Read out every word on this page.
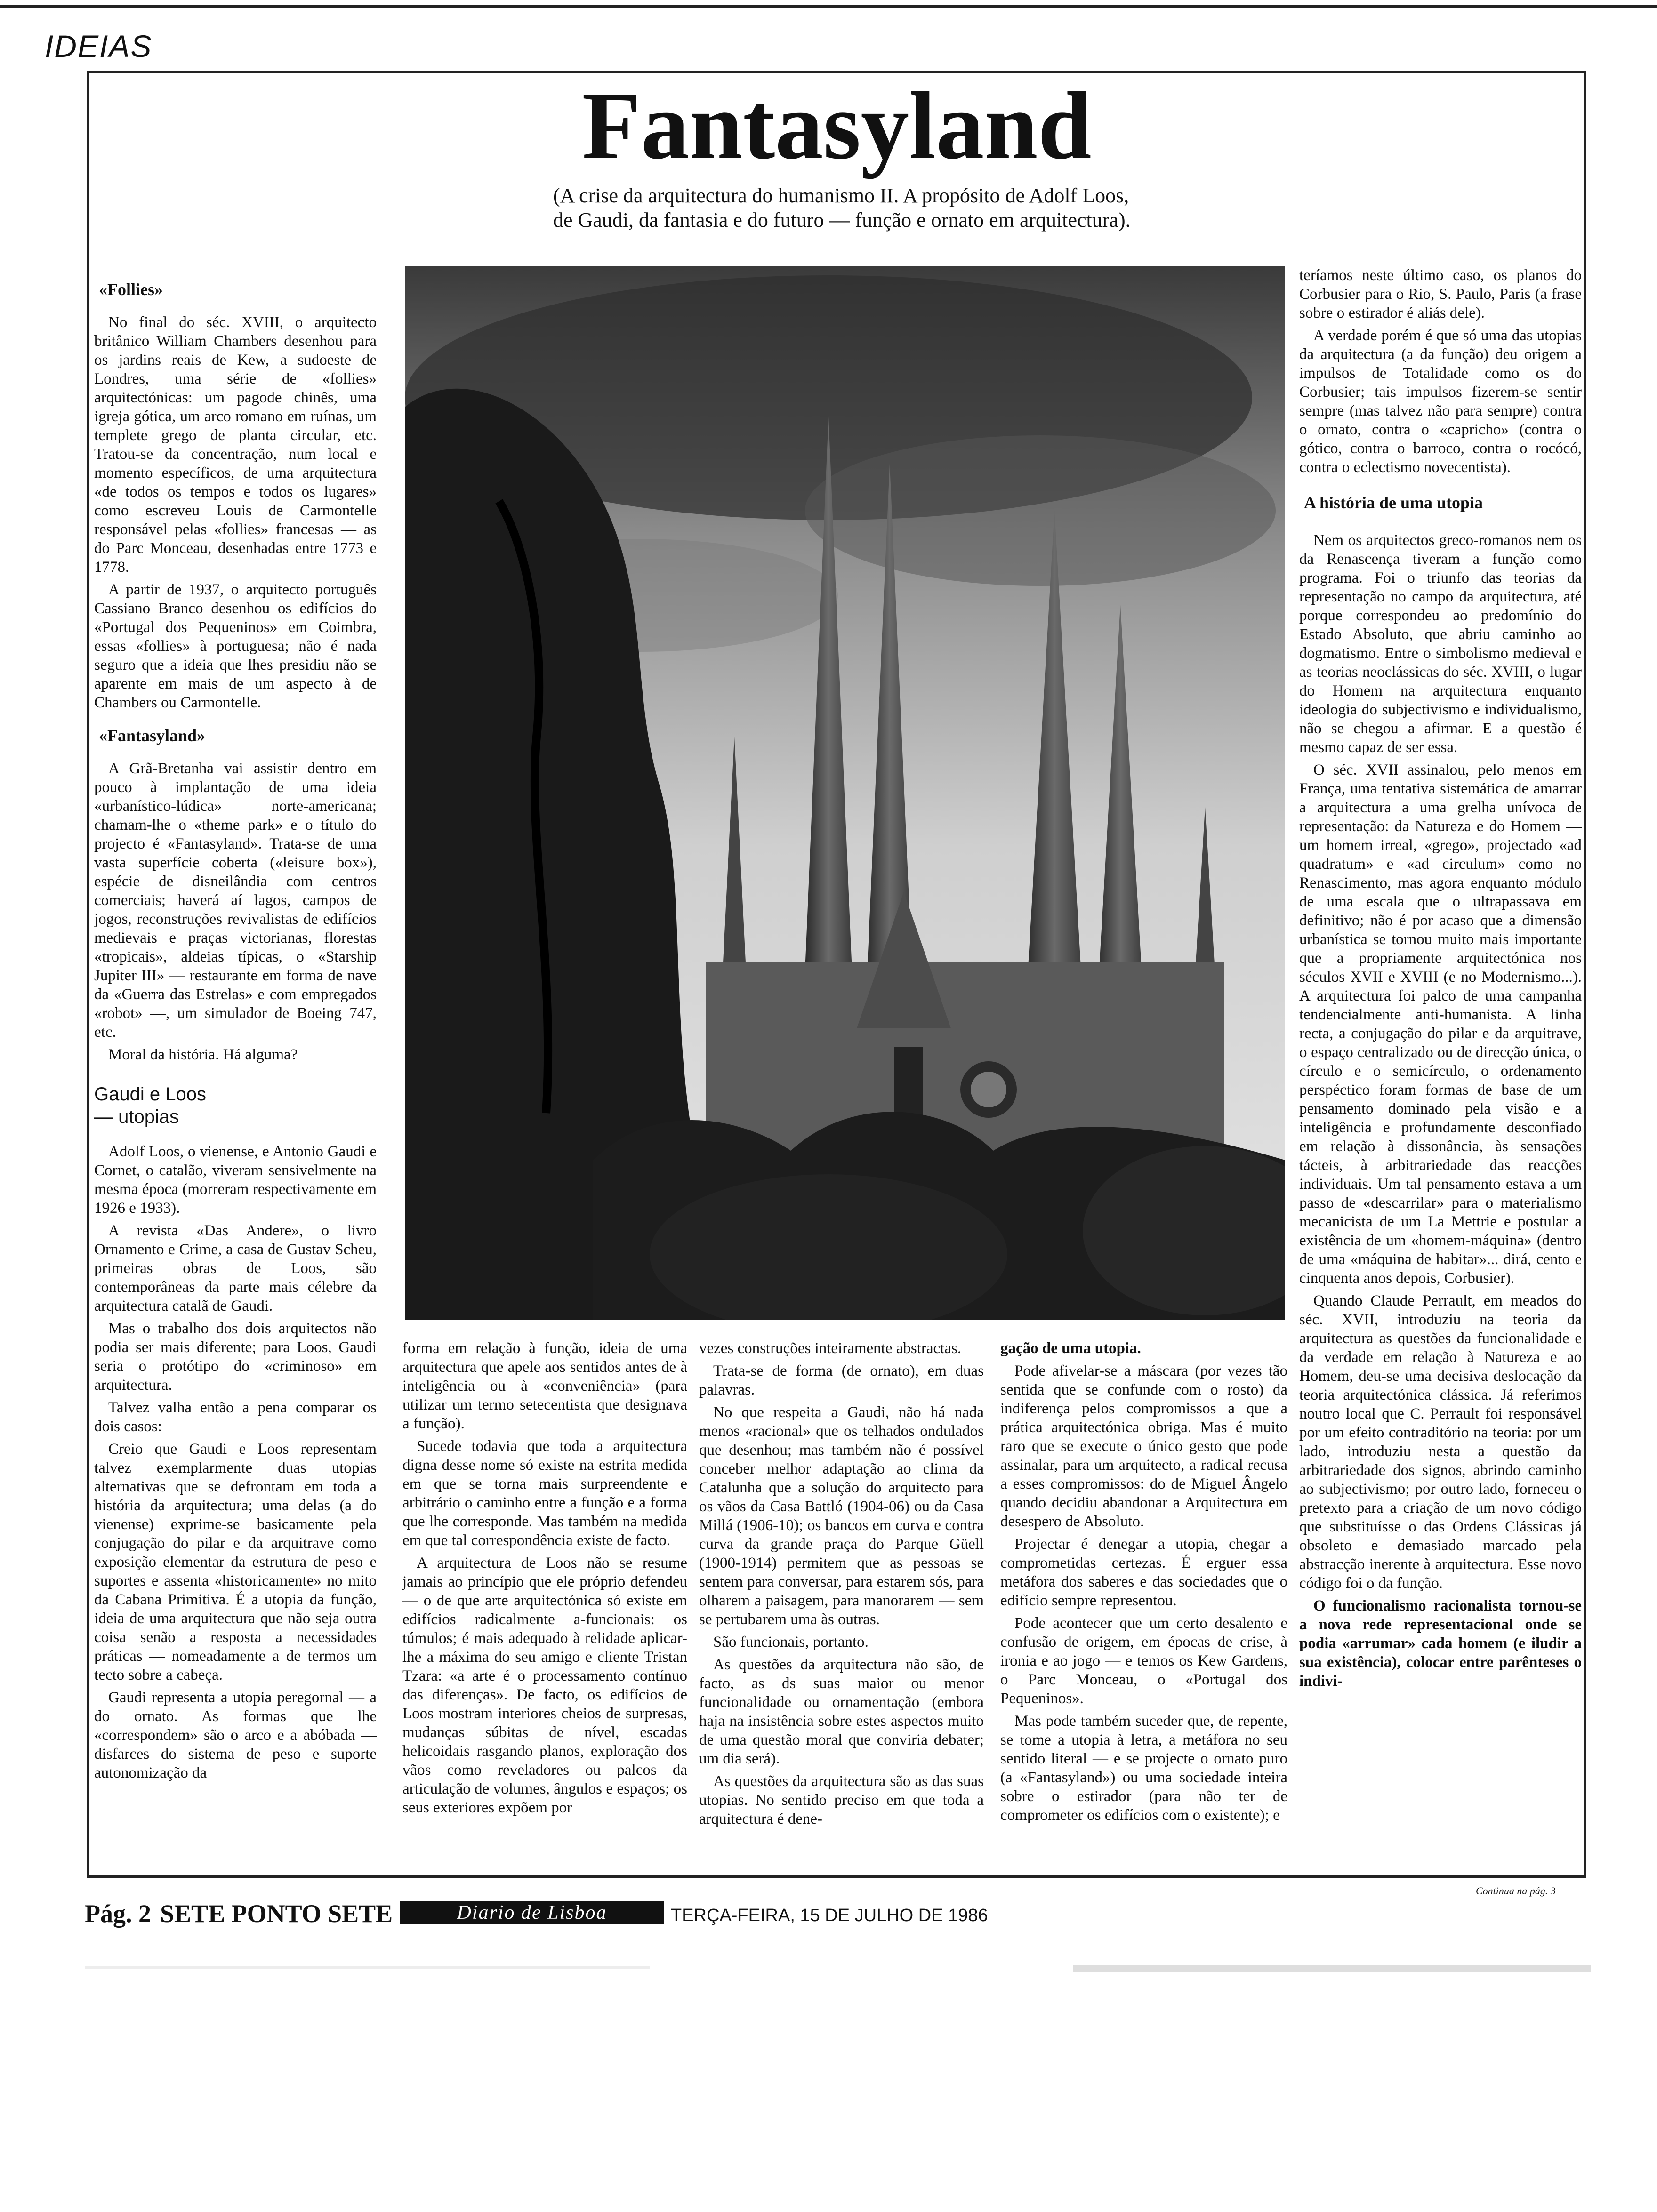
IDEIAS
Fantasyland
(A crise da arquitectura do humanismo II. A propósito de Adolf Loos, de Gaudi, da fantasia e do futuro — função e ornato em arquitectura).
«Follies»

No final do séc. XVIII, o arquitecto britânico William Chambers desenhou para os jardins reais de Kew, a sudoeste de Londres, uma série de «follies» arquitectónicas: um pagode chinês, uma igreja gótica, um arco romano em ruínas, um templete grego de planta circular, etc. Tratou-se da concentração, num local e momento específicos, de uma arquitectura «de todos os tempos e todos os lugares» como escreveu Louis de Carmontelle responsável pelas «follies» francesas — as do Parc Monceau, desenhadas entre 1773 e 1778.

A partir de 1937, o arquitecto português Cassiano Branco desenhou os edifícios do «Portugal dos Pequeninos» em Coimbra, essas «follies» à portuguesa; não é nada seguro que a ideia que lhes presidiu não se aparente em mais de um aspecto à de Chambers ou Carmontelle.

«Fantasyland»

A Grã-Bretanha vai assistir dentro em pouco à implantação de uma ideia «urbanístico-lúdica» norte-americana; chamam-lhe o «theme park» e o título do projecto é «Fantasyland». Trata-se de uma vasta superfície coberta («leisure box»), espécie de disneilândia com centros comerciais; haverá aí lagos, campos de jogos, reconstruções revivalistas de edifícios medievais e praças victorianas, florestas «tropicais», aldeias típicas, o «Starship Jupiter III» — restaurante em forma de nave da «Guerra das Estrelas» e com empregados «robot» —, um simulador de Boeing 747, etc.

Moral da história. Há alguma?

Gaudi e Loos
— utopias

Adolf Loos, o vienense, e Antonio Gaudi e Cornet, o catalão, viveram sensivelmente na mesma época (morreram respectivamente em 1926 e 1933).

A revista «Das Andere», o livro Ornamento e Crime, a casa de Gustav Scheu, primeiras obras de Loos, são contemporâneas da parte mais célebre da arquitectura catalã de Gaudi.

Mas o trabalho dos dois arquitectos não podia ser mais diferente; para Loos, Gaudi seria o protótipo do «criminoso» em arquitectura.

Talvez valha então a pena comparar os dois casos:

Creio que Gaudi e Loos representam talvez exemplarmente duas utopias alternativas que se defrontam em toda a história da arquitectura; uma delas (a do vienense) exprime-se basicamente pela conjugação do pilar e da arquitrave como exposição elementar da estrutura de peso e suportes e assenta «historicamente» no mito da Cabana Primitiva. É a utopia da função, ideia de uma arquitectura que não seja outra coisa senão a resposta a necessidades práticas — nomeadamente a de termos um tecto sobre a cabeça.

Gaudi representa a utopia peregornal — a do ornato. As formas que lhe «correspondem» são o arco e a abóbada — disfarces do sistema de peso e suporte autonomização da

forma em relação à função, ideia de uma arquitectura que apele aos sentidos antes de à inteligência ou à «conveniência» (para utilizar um termo setecentista que designava a função).

Sucede todavia que toda a arquitectura digna desse nome só existe na estrita medida em que se torna mais surpreendente e arbitrário o caminho entre a função e a forma que lhe corresponde. Mas também na medida em que tal correspondência existe de facto.

A arquitectura de Loos não se resume jamais ao princípio que ele próprio defendeu — o de que arte arquitectónica só existe em edifícios radicalmente a-funcionais: os túmulos; é mais adequado à relidade aplicar-lhe a máxima do seu amigo e cliente Tristan Tzara: «a arte é o processamento contínuo das diferenças». De facto, os edifícios de Loos mostram interiores cheios de surpresas, mudanças súbitas de nível, escadas helicoidais rasgando planos, exploração dos vãos como reveladores ou palcos da articulação de volumes, ângulos e espaços; os seus exteriores expõem por

vezes construções inteiramente abstractas.

Trata-se de forma (de ornato), em duas palavras.

No que respeita a Gaudi, não há nada menos «racional» que os telhados ondulados que desenhou; mas também não é possível conceber melhor adaptação ao clima da Catalunha que a solução do arquitecto para os vãos da Casa Battló (1904-06) ou da Casa Millá (1906-10); os bancos em curva e contra curva da grande praça do Parque Güell (1900-1914) permitem que as pessoas se sentem para conversar, para estarem sós, para olharem a paisagem, para manorarem — sem se pertubarem uma às outras.

São funcionais, portanto.

As questões da arquitectura não são, de facto, as ds suas maior ou menor funcionalidade ou ornamentação (embora haja na insistência sobre estes aspectos muito de uma questão moral que conviria debater; um dia será).

As questões da arquitectura são as das suas utopias. No sentido preciso em que toda a arquitectura é dene-

gação de uma utopia.

Pode afivelar-se a máscara (por vezes tão sentida que se confunde com o rosto) da indiferença pelos compromissos a que a prática arquitectónica obriga. Mas é muito raro que se execute o único gesto que pode assinalar, para um arquitecto, a radical recusa a esses compromissos: do de Miguel Ângelo quando decidiu abandonar a Arquitectura em desespero de Absoluto.

Projectar é denegar a utopia, chegar a comprometidas certezas. É erguer essa metáfora dos saberes e das sociedades que o edifício sempre representou.

Pode acontecer que um certo desalento e confusão de origem, em épocas de crise, à ironia e ao jogo — e temos os Kew Gardens, o Parc Monceau, o «Portugal dos Pequeninos».

Mas pode também suceder que, de repente, se tome a utopia à letra, a metáfora no seu sentido literal — e se projecte o ornato puro (a «Fantasyland») ou uma sociedade inteira sobre o estirador (para não ter de comprometer os edifícios com o existente); e

teríamos neste último caso, os planos do Corbusier para o Rio, S. Paulo, Paris (a frase sobre o estirador é aliás dele).

A verdade porém é que só uma das utopias da arquitectura (a da função) deu origem a impulsos de Totalidade como os do Corbusier; tais impulsos fizerem-se sentir sempre (mas talvez não para sempre) contra o ornato, contra o «capricho» (contra o gótico, contra o barroco, contra o rocócó, contra o eclectismo novecentista).

A história de uma utopia

Nem os arquitectos greco-romanos nem os da Renascença tiveram a função como programa. Foi o triunfo das teorias da representação no campo da arquitectura, até porque correspondeu ao predomínio do Estado Absoluto, que abriu caminho ao dogmatismo. Entre o simbolismo medieval e as teorias neoclássicas do séc. XVIII, o lugar do Homem na arquitectura enquanto ideologia do subjectivismo e individualismo, não se chegou a afirmar. E a questão é mesmo capaz de ser essa.

O séc. XVII assinalou, pelo menos em França, uma tentativa sistemática de amarrar a arquitectura a uma grelha unívoca de representação: da Natureza e do Homem — um homem irreal, «grego», projectado «ad quadratum» e «ad circulum» como no Renascimento, mas agora enquanto módulo de uma escala que o ultrapassava em definitivo; não é por acaso que a dimensão urbanística se tornou muito mais importante que a propriamente arquitectónica nos séculos XVII e XVIII (e no Modernismo...). A arquitectura foi palco de uma campanha tendencialmente anti-humanista. A linha recta, a conjugação do pilar e da arquitrave, o espaço centralizado ou de direcção única, o círculo e o semicírculo, o ordenamento perspéctico foram formas de base de um pensamento dominado pela visão e a inteligência e profundamente desconfiado em relação à dissonância, às sensações tácteis, à arbitrariedade das reacções individuais. Um tal pensamento estava a um passo de «descarrilar» para o materialismo mecanicista de um La Mettrie e postular a existência de um «homem-máquina» (dentro de uma «máquina de habitar»... dirá, cento e cinquenta anos depois, Corbusier).

Quando Claude Perrault, em meados do séc. XVII, introduziu na teoria da arquitectura as questões da funcionalidade e da verdade em relação à Natureza e ao Homem, deu-se uma decisiva deslocação da teoria arquitectónica clássica. Já referimos noutro local que C. Perrault foi responsável por um efeito contraditório na teoria: por um lado, introduziu nesta a questão da arbitrariedade dos signos, abrindo caminho ao subjectivismo; por outro lado, forneceu o pretexto para a criação de um novo código que substituísse o das Ordens Clássicas já obsoleto e demasiado marcado pela abstracção inerente à arquitectura. Esse novo código foi o da função.

O funcionalismo racionalista tornou-se a nova rede representacional onde se podia «arrumar» cada homem (e iludir a sua existência), colocar entre parênteses o indivi-

Continua na pág. 3
Pág. 2 SETE PONTO SETE	Diario de Lisboa	TERÇA-FEIRA, 15 DE JULHO DE 1986
